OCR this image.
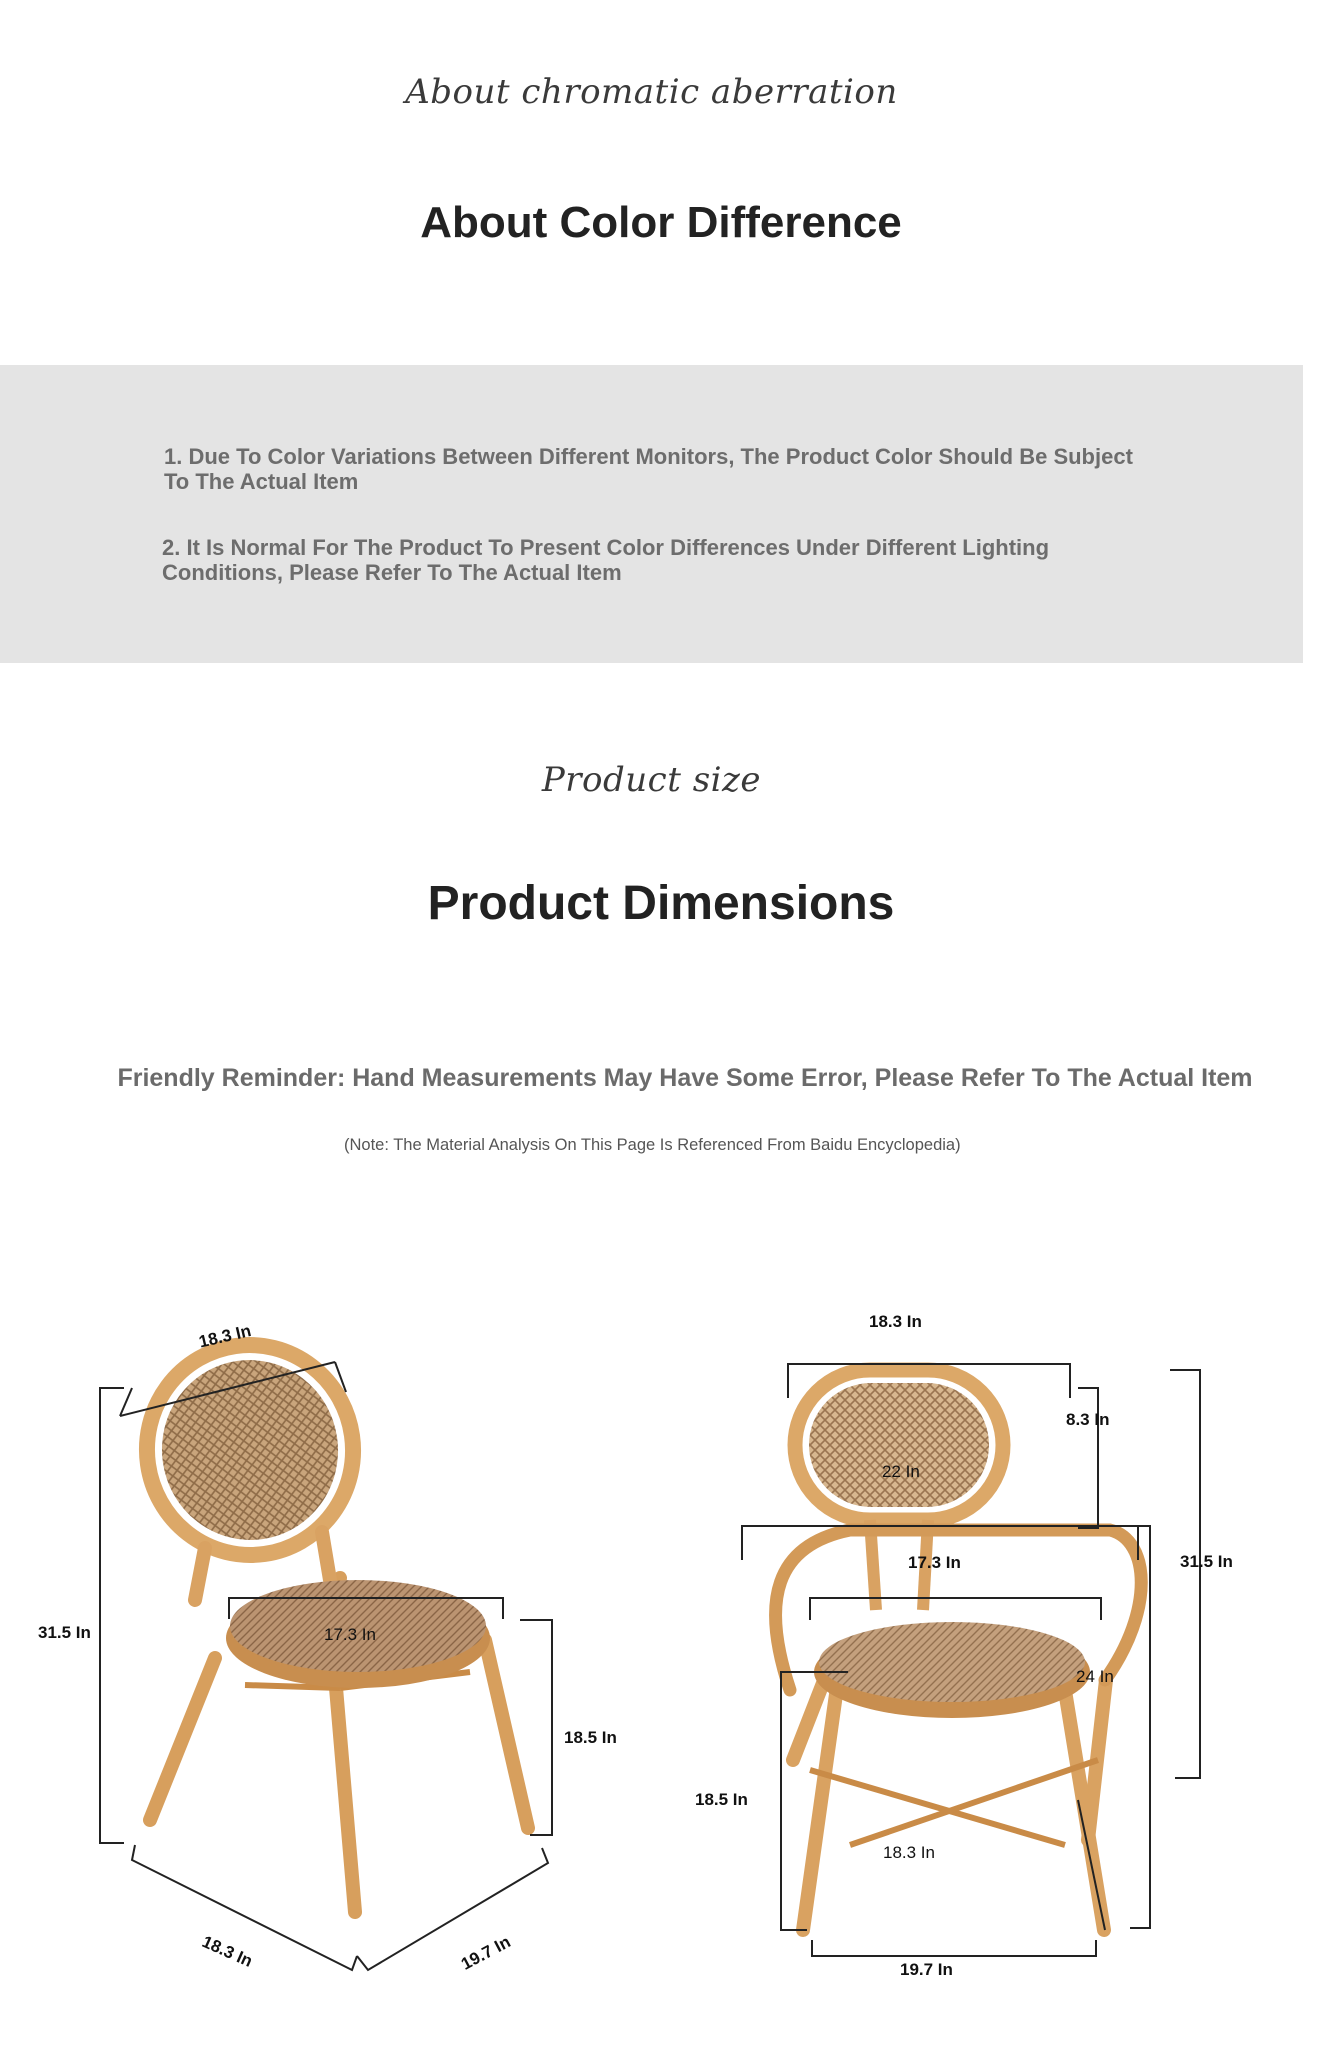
About chromatic aberration
About Color Difference
1. Due To Color Variations Between Different Monitors, The Product Color Should Be Subject To The Actual Item
2. It Is Normal For The Product To Present Color Differences Under Different Lighting Conditions, Please Refer To The Actual Item
Product size
Product Dimensions
Friendly Reminder: Hand Measurements May Have Some Error, Please Refer To The Actual Item
(Note: The Material Analysis On This Page Is Referenced From Baidu Encyclopedia)
18.3 In
31.5 In	17.3 In
18.5 In
18.3 In	19.7 In
18.3 In
8.3 In
22 In
17.3 In	31.5 In
24 In
18.5 In
18.3 In
19.7 In
